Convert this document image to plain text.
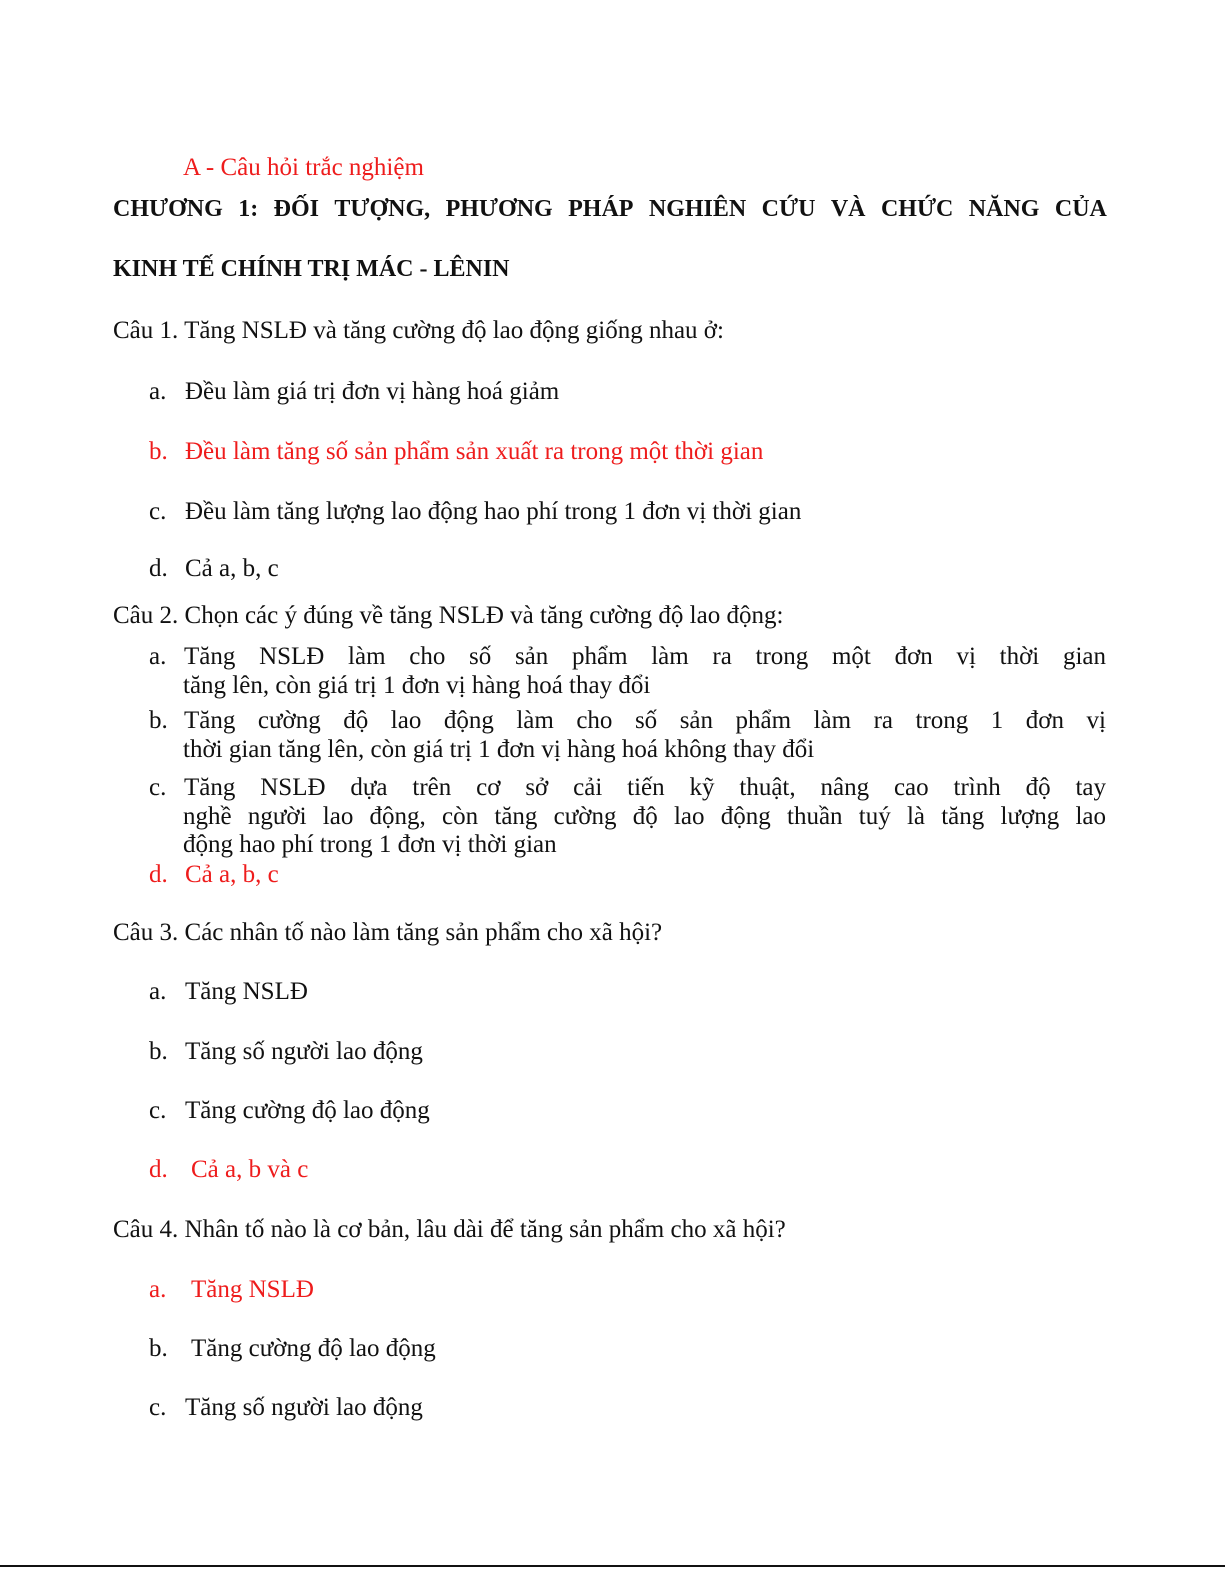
A - Câu hỏi trắc nghiệm
CHƯƠNG 1: ĐỐI TƯỢNG, PHƯƠNG PHÁP NGHIÊN CỨU VÀ CHỨC NĂNG CỦA
KINH TẾ CHÍNH TRỊ MÁC - LÊNIN
Câu 1. Tăng NSLĐ và tăng cường độ lao động giống nhau ở:
a. Đều làm giá trị đơn vị hàng hoá giảm
b. Đều làm tăng số sản phẩm sản xuất ra trong một thời gian
c. Đều làm tăng lượng lao động hao phí trong 1 đơn vị thời gian
d. Cả a, b, c
Câu 2. Chọn các ý đúng về tăng NSLĐ và tăng cường độ lao động:
a. Tăng NSLĐ làm cho số sản phẩm làm ra trong một đơn vị thời gian
tăng lên, còn giá trị 1 đơn vị hàng hoá thay đổi
b. Tăng cường độ lao động làm cho số sản phẩm làm ra trong 1 đơn vị
thời gian tăng lên, còn giá trị 1 đơn vị hàng hoá không thay đổi
c. Tăng NSLĐ dựa trên cơ sở cải tiến kỹ thuật, nâng cao trình độ tay
nghề người lao động, còn tăng cường độ lao động thuần tuý là tăng lượng lao
động hao phí trong 1 đơn vị thời gian
d. Cả a, b, c
Câu 3. Các nhân tố nào làm tăng sản phẩm cho xã hội?
a. Tăng NSLĐ
b. Tăng số người lao động
c. Tăng cường độ lao động
d. Cả a, b và c
Câu 4. Nhân tố nào là cơ bản, lâu dài để tăng sản phẩm cho xã hội?
a. Tăng NSLĐ
b. Tăng cường độ lao động
c. Tăng số người lao động
